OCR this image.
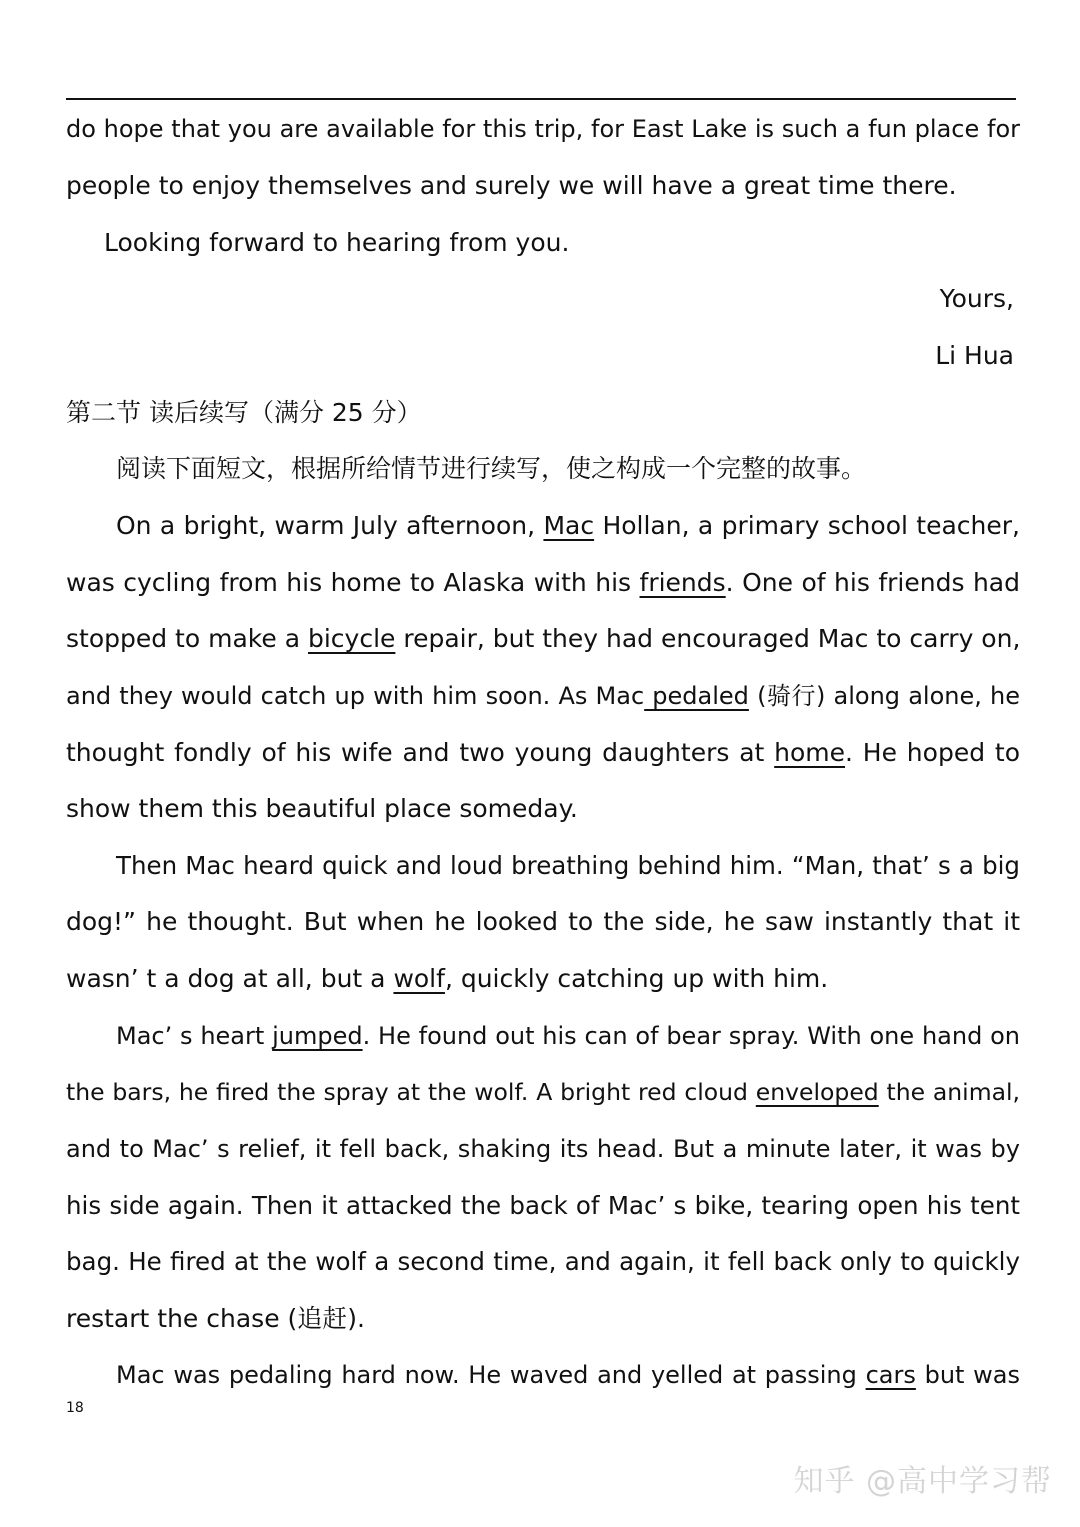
do hope that you are available for this trip, for East Lake is such a fun place for
people to enjoy themselves and surely we will have a great time there.
Looking forward to hearing from you.
Yours,
Li Hua
第二节 读后续写（满分 25 分）
阅读下面短文，根据所给情节进行续写，使之构成一个完整的故事。
On a bright, warm July afternoon, Mac Hollan, a primary school teacher,
was cycling from his home to Alaska with his friends. One of his friends had
stopped to make a bicycle repair, but they had encouraged Mac to carry on,
and they would catch up with him soon. As Mac pedaled (骑行) along alone, he
thought fondly of his wife and two young daughters at home. He hoped to
show them this beautiful place someday.
Then Mac heard quick and loud breathing behind him. “Man, that’ s a big
dog!” he thought. But when he looked to the side, he saw instantly that it
wasn’ t a dog at all, but a wolf, quickly catching up with him.
Mac’ s heart jumped. He found out his can of bear spray. With one hand on
the bars, he fired the spray at the wolf. A bright red cloud enveloped the animal,
and to Mac’ s relief, it fell back, shaking its head. But a minute later, it was by
his side again. Then it attacked the back of Mac’ s bike, tearing open his tent
bag. He fired at the wolf a second time, and again, it fell back only to quickly
restart the chase (追赶).
Mac was pedaling hard now. He waved and yelled at passing cars but was
18
知乎 @高中学习帮
